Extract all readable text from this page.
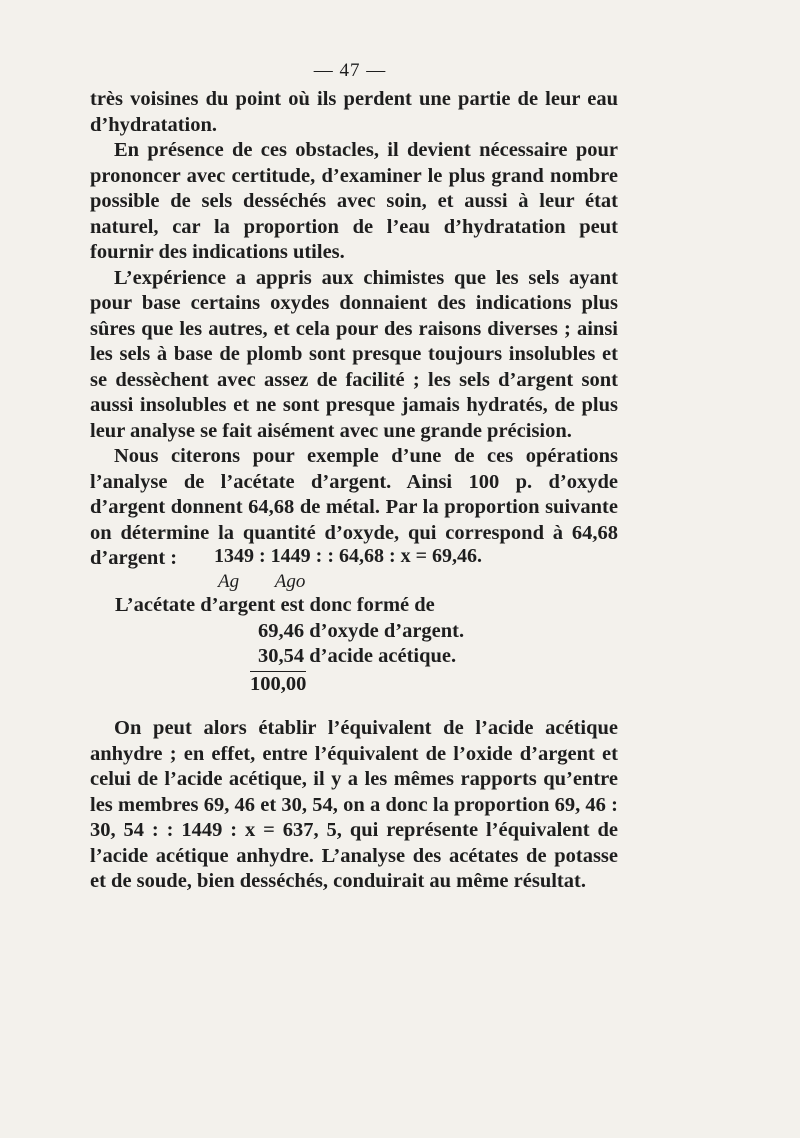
— 47 —

très voisines du point où ils perdent une partie de leur eau d’hydratation.

En présence de ces obstacles, il devient nécessaire pour prononcer avec certitude, d’examiner le plus grand nombre possible de sels desséchés avec soin, et aussi à leur état naturel, car la proportion de l’eau d’hydratation peut fournir des indications utiles.

L’expérience a appris aux chimistes que les sels ayant pour base certains oxydes donnaient des indications plus sûres que les autres, et cela pour des raisons diverses ; ainsi les sels à base de plomb sont presque toujours insolubles et se dessèchent avec assez de facilité ; les sels d’argent sont aussi insolubles et ne sont presque jamais hydratés, de plus leur analyse se fait aisément avec une grande précision.

Nous citerons pour exemple d’une de ces opérations l’analyse de l’acétate d’argent. Ainsi 100 p. d’oxyde d’argent donnent 64,68 de métal. Par la proportion suivante on détermine la quantité d’oxyde, qui correspond à 64,68 d’argent :	1349 : 1449 : : 64,68 : x = 69,46.
Ag Ago
L’acétate d’argent est donc formé de
69,46 d’oxyde d’argent.
30,54 d’acide acétique.
100,00

On peut alors établir l’équivalent de l’acide acétique anhydre ; en effet, entre l’équivalent de l’oxide d’argent et celui de l’acide acétique, il y a les mêmes rapports qu’entre les membres 69, 46 et 30, 54, on a donc la proportion 69, 46 : 30, 54 : : 1449 : x = 637, 5, qui représente l’équivalent de l’acide acétique anhydre. L’analyse des acétates de potasse et de soude, bien desséchés, conduirait au même résultat.
